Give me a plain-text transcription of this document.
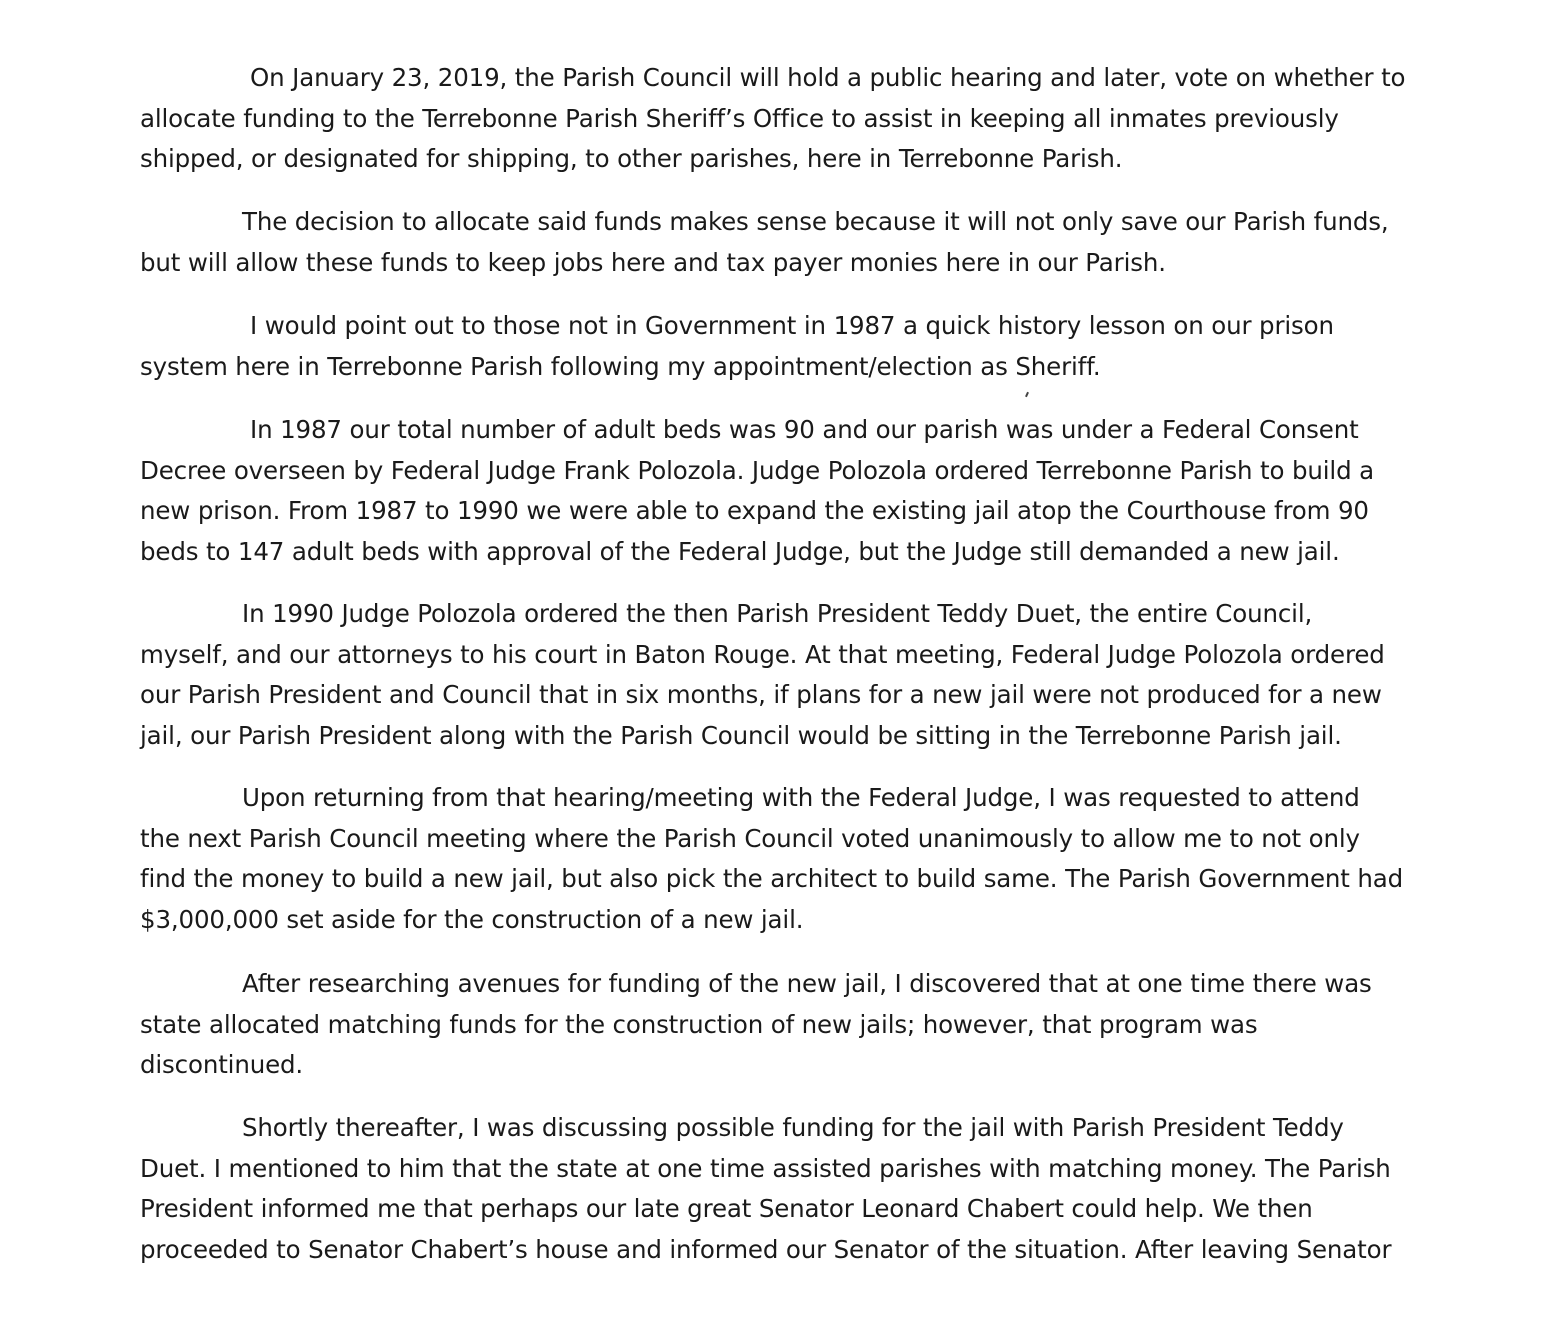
On January 23, 2019, the Parish Council will hold a public hearing and later, vote on whether to
allocate funding to the Terrebonne Parish Sheriff’s Office to assist in keeping all inmates previously
shipped, or designated for shipping, to other parishes, here in Terrebonne Parish.

The decision to allocate said funds makes sense because it will not only save our Parish funds,
but will allow these funds to keep jobs here and tax payer monies here in our Parish.

I would point out to those not in Government in 1987 a quick history lesson on our prison
system here in Terrebonne Parish following my appointment/election as Sheriff.

In 1987 our total number of adult beds was 90 and our parish was under a Federal Consent
Decree overseen by Federal Judge Frank Polozola. Judge Polozola ordered Terrebonne Parish to build a
new prison. From 1987 to 1990 we were able to expand the existing jail atop the Courthouse from 90
beds to 147 adult beds with approval of the Federal Judge, but the Judge still demanded a new jail.

In 1990 Judge Polozola ordered the then Parish President Teddy Duet, the entire Council,
myself, and our attorneys to his court in Baton Rouge. At that meeting, Federal Judge Polozola ordered
our Parish President and Council that in six months, if plans for a new jail were not produced for a new
jail, our Parish President along with the Parish Council would be sitting in the Terrebonne Parish jail.

Upon returning from that hearing/meeting with the Federal Judge, I was requested to attend
the next Parish Council meeting where the Parish Council voted unanimously to allow me to not only
find the money to build a new jail, but also pick the architect to build same. The Parish Government had
$3,000,000 set aside for the construction of a new jail.

After researching avenues for funding of the new jail, I discovered that at one time there was
state allocated matching funds for the construction of new jails; however, that program was
discontinued.

Shortly thereafter, I was discussing possible funding for the jail with Parish President Teddy
Duet. I mentioned to him that the state at one time assisted parishes with matching money. The Parish
President informed me that perhaps our late great Senator Leonard Chabert could help. We then
proceeded to Senator Chabert’s house and informed our Senator of the situation. After leaving Senator
